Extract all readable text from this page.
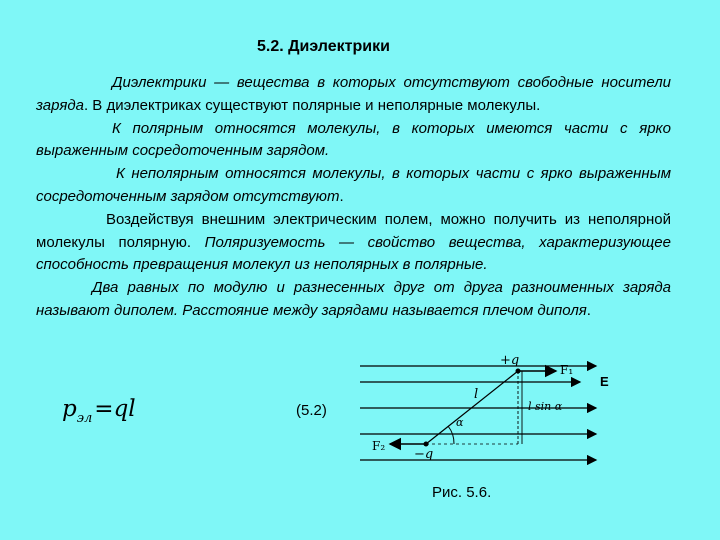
5.2. Диэлектрики

Диэлектрики — вещества в которых отсутствуют свободные носители заряда. В диэлектриках существуют полярные и неполярные молекулы.

К полярным относятся молекулы, в которых имеются части с ярко выраженным сосредоточенным зарядом.

К неполярным относятся молекулы, в которых части с ярко выраженным сосредоточенным зарядом отсутствуют.

Воздействуя внешним электрическим полем, можно получить из неполярной молекулы полярную. Поляризуемость — свойство вещества, характеризующее способность превращения молекул из неполярных в полярные.

Два равных по модулю и разнесенных друг от друга разноименных заряда называют диполем. Расстояние между зарядами называется плечом диполя.

$p_{эл}=ql$	(5.2)
+q
−q
F₁
F₂
E
l
α
l sin α
Рис. 5.6.
